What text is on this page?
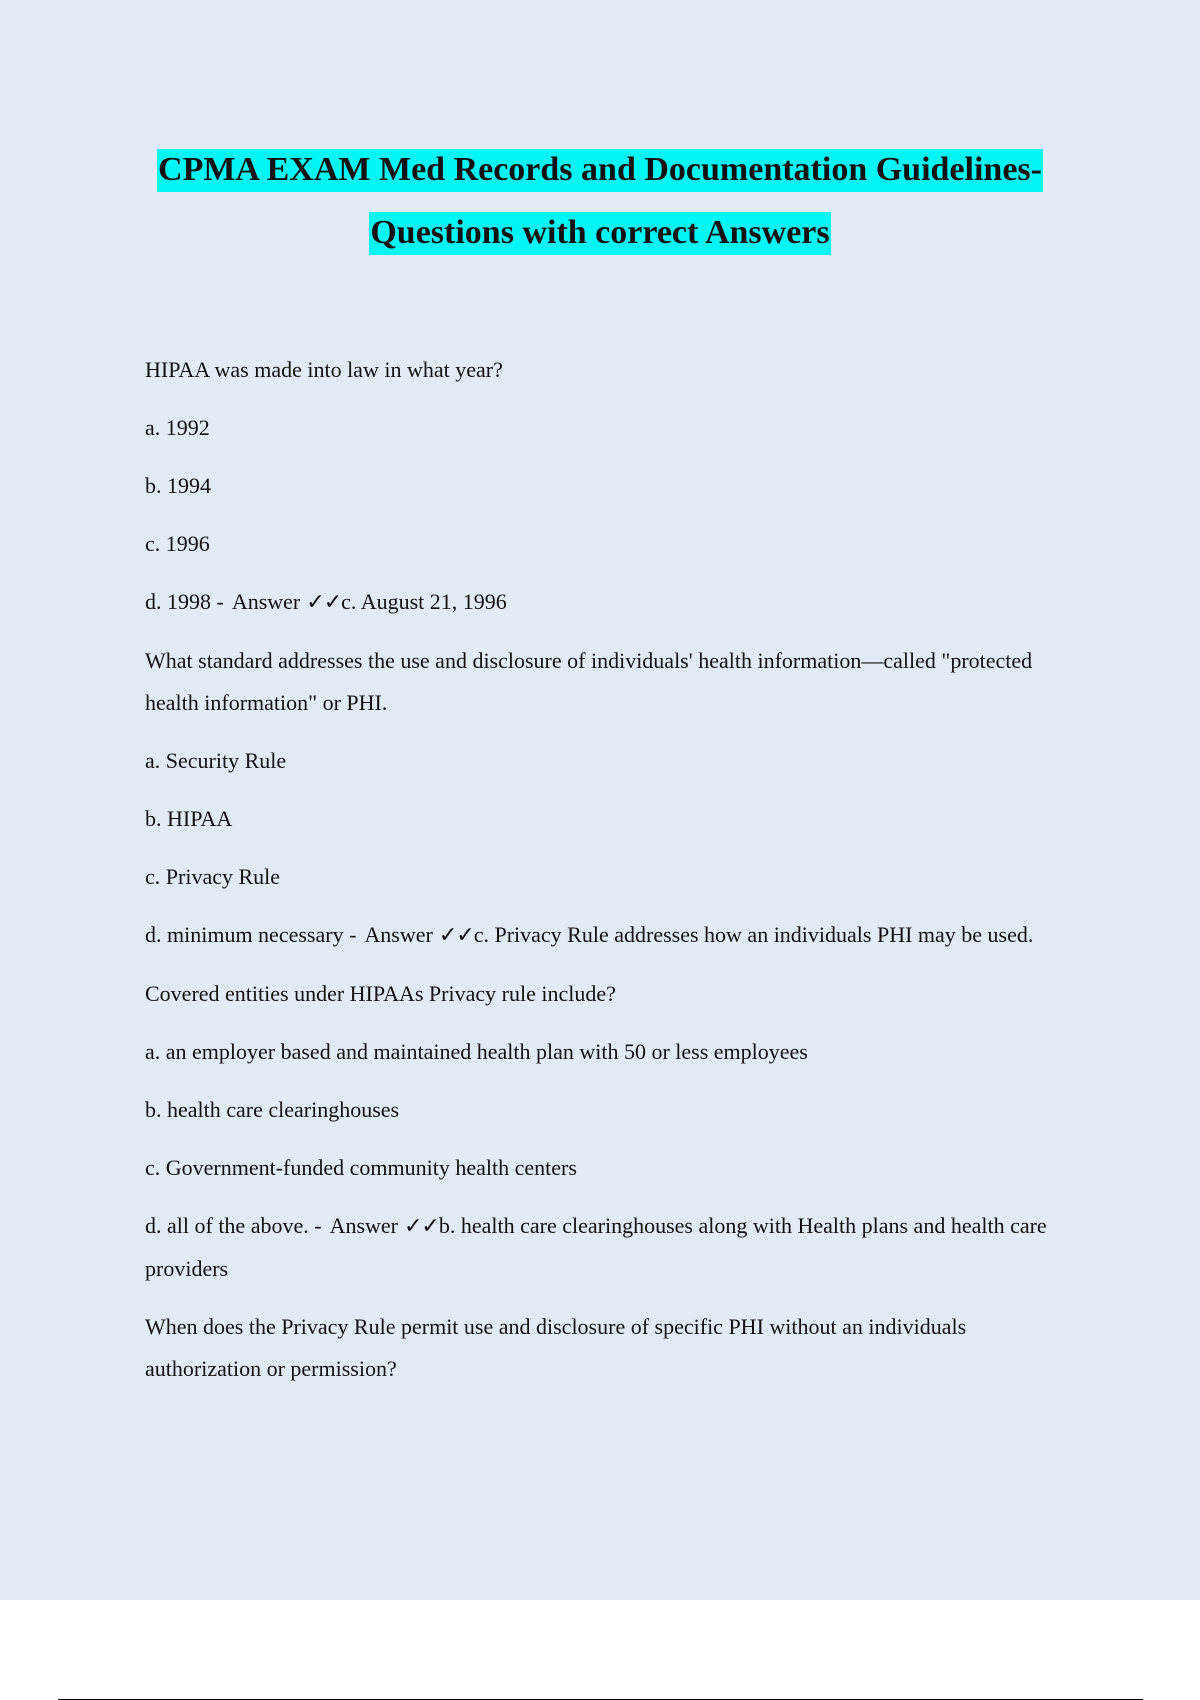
CPMA EXAM Med Records and Documentation Guidelines-
Questions with correct Answers
HIPAA was made into law in what year?
a. 1992
b. 1994
c. 1996
d. 1998 - Answer ✓✓c. August 21, 1996
What standard addresses the use and disclosure of individuals' health information—called "protected health information" or PHI.
a. Security Rule
b. HIPAA
c. Privacy Rule
d. minimum necessary - Answer ✓✓c. Privacy Rule addresses how an individuals PHI may be used.
Covered entities under HIPAAs Privacy rule include?
a. an employer based and maintained health plan with 50 or less employees
b. health care clearinghouses
c. Government-funded community health centers
d. all of the above. - Answer ✓✓b. health care clearinghouses along with Health plans and health care providers
When does the Privacy Rule permit use and disclosure of specific PHI without an individuals authorization or permission?
